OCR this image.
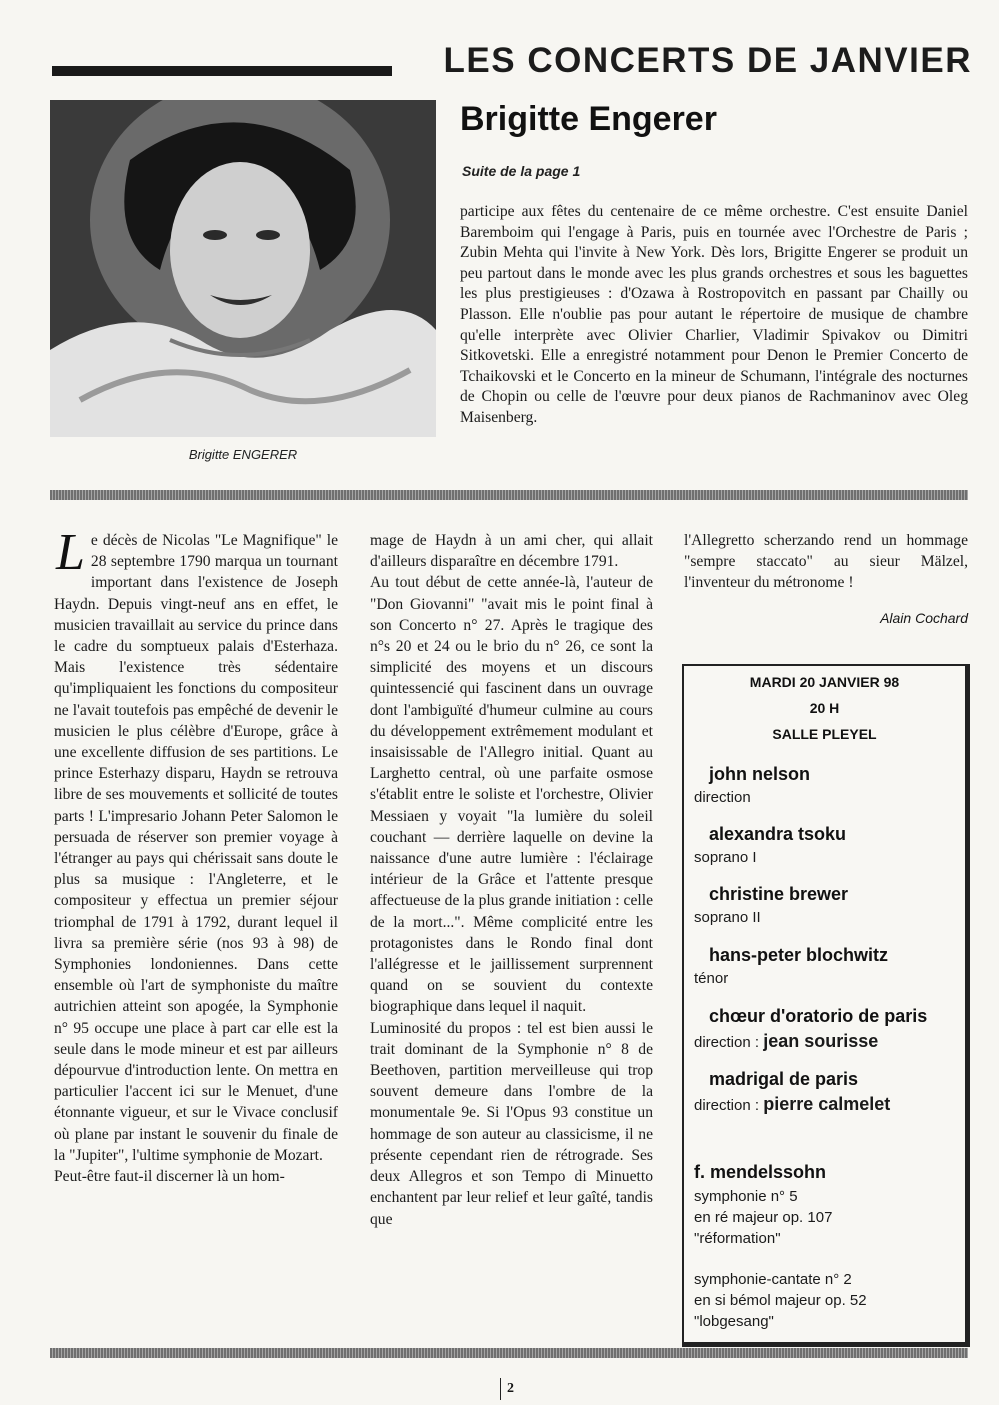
LES CONCERTS DE JANVIER
Brigitte ENGERER
Brigitte Engerer
Suite de la page 1
participe aux fêtes du centenaire de ce même orchestre. C'est ensuite Daniel Baremboim qui l'engage à Paris, puis en tournée avec l'Orchestre de Paris ; Zubin Mehta qui l'invite à New York. Dès lors, Brigitte Engerer se produit un peu partout dans le monde avec les plus grands orchestres et sous les baguettes les plus prestigieuses : d'Ozawa à Rostropovitch en passant par Chailly ou Plasson. Elle n'oublie pas pour autant le répertoire de musique de chambre qu'elle interprète avec Olivier Charlier, Vladimir Spivakov ou Dimitri Sitkovetski. Elle a enregistré notamment pour Denon le Premier Concerto de Tchaikovski et le Concerto en la mineur de Schumann, l'intégrale des nocturnes de Chopin ou celle de l'œuvre pour deux pianos de Rachmaninov avec Oleg Maisenberg.
L e décès de Nicolas "Le Magnifique" le 28 septembre 1790 marqua un tournant important dans l'existence de Joseph Haydn. Depuis vingt-neuf ans en effet, le musicien travaillait au service du prince dans le cadre du somptueux palais d'Esterhaza. Mais l'existence très sédentaire qu'impliquaient les fonctions du compositeur ne l'avait toutefois pas empêché de devenir le musicien le plus célèbre d'Europe, grâce à une excellente diffusion de ses partitions. Le prince Esterhazy disparu, Haydn se retrouva libre de ses mouvements et sollicité de toutes parts ! L'impresario Johann Peter Salomon le persuada de réserver son premier voyage à l'étranger au pays qui chérissait sans doute le plus sa musique : l'Angleterre, et le compositeur y effectua un premier séjour triomphal de 1791 à 1792, durant lequel il livra sa première série (nos 93 à 98) de Symphonies londoniennes. Dans cette ensemble où l'art de symphoniste du maître autrichien atteint son apogée, la Symphonie n° 95 occupe une place à part car elle est la seule dans le mode mineur et est par ailleurs dépourvue d'introduction lente. On mettra en particulier l'accent ici sur le Menuet, d'une étonnante vigueur, et sur le Vivace conclusif où plane par instant le souvenir du finale de la "Jupiter", l'ultime symphonie de Mozart.

Peut-être faut-il discerner là un hom-

mage de Haydn à un ami cher, qui allait d'ailleurs disparaître en décembre 1791.

Au tout début de cette année-là, l'auteur de "Don Giovanni" "avait mis le point final à son Concerto n° 27. Après le tragique des n°s 20 et 24 ou le brio du n° 26, ce sont la simplicité des moyens et un discours quintessencié qui fascinent dans un ouvrage dont l'ambiguïté d'humeur culmine au cours du développement extrêmement modulant et insaisissable de l'Allegro initial. Quant au Larghetto central, où une parfaite osmose s'établit entre le soliste et l'orchestre, Olivier Messiaen y voyait "la lumière du soleil couchant — derrière laquelle on devine la naissance d'une autre lumière : l'éclairage intérieur de la Grâce et l'attente presque affectueuse de la plus grande initiation : celle de la mort...". Même complicité entre les protagonistes dans le Rondo final dont l'allégresse et le jaillissement surprennent quand on se souvient du contexte biographique dans lequel il naquit.

Luminosité du propos : tel est bien aussi le trait dominant de la Symphonie n° 8 de Beethoven, partition merveilleuse qui trop souvent demeure dans l'ombre de la monumentale 9e. Si l'Opus 93 constitue un hommage de son auteur au classicisme, il ne présente cependant rien de rétrograde. Ses deux Allegros et son Tempo di Minuetto enchantent par leur relief et leur gaîté, tandis que

l'Allegretto scherzando rend un hommage "sempre staccato" au sieur Mälzel, l'inventeur du métronome !

Alain Cochard
MARDI 20 JANVIER 98
20 H
SALLE PLEYEL
john nelson
direction
alexandra tsoku
soprano I
christine brewer
soprano II
hans-peter blochwitz
ténor
chœur d'oratorio de paris
direction : jean sourisse
madrigal de paris
direction : pierre calmelet
f. mendelssohn
symphonie n° 5
en ré majeur op. 107
"réformation"
symphonie-cantate n° 2
en si bémol majeur op. 52
"lobgesang"
2
